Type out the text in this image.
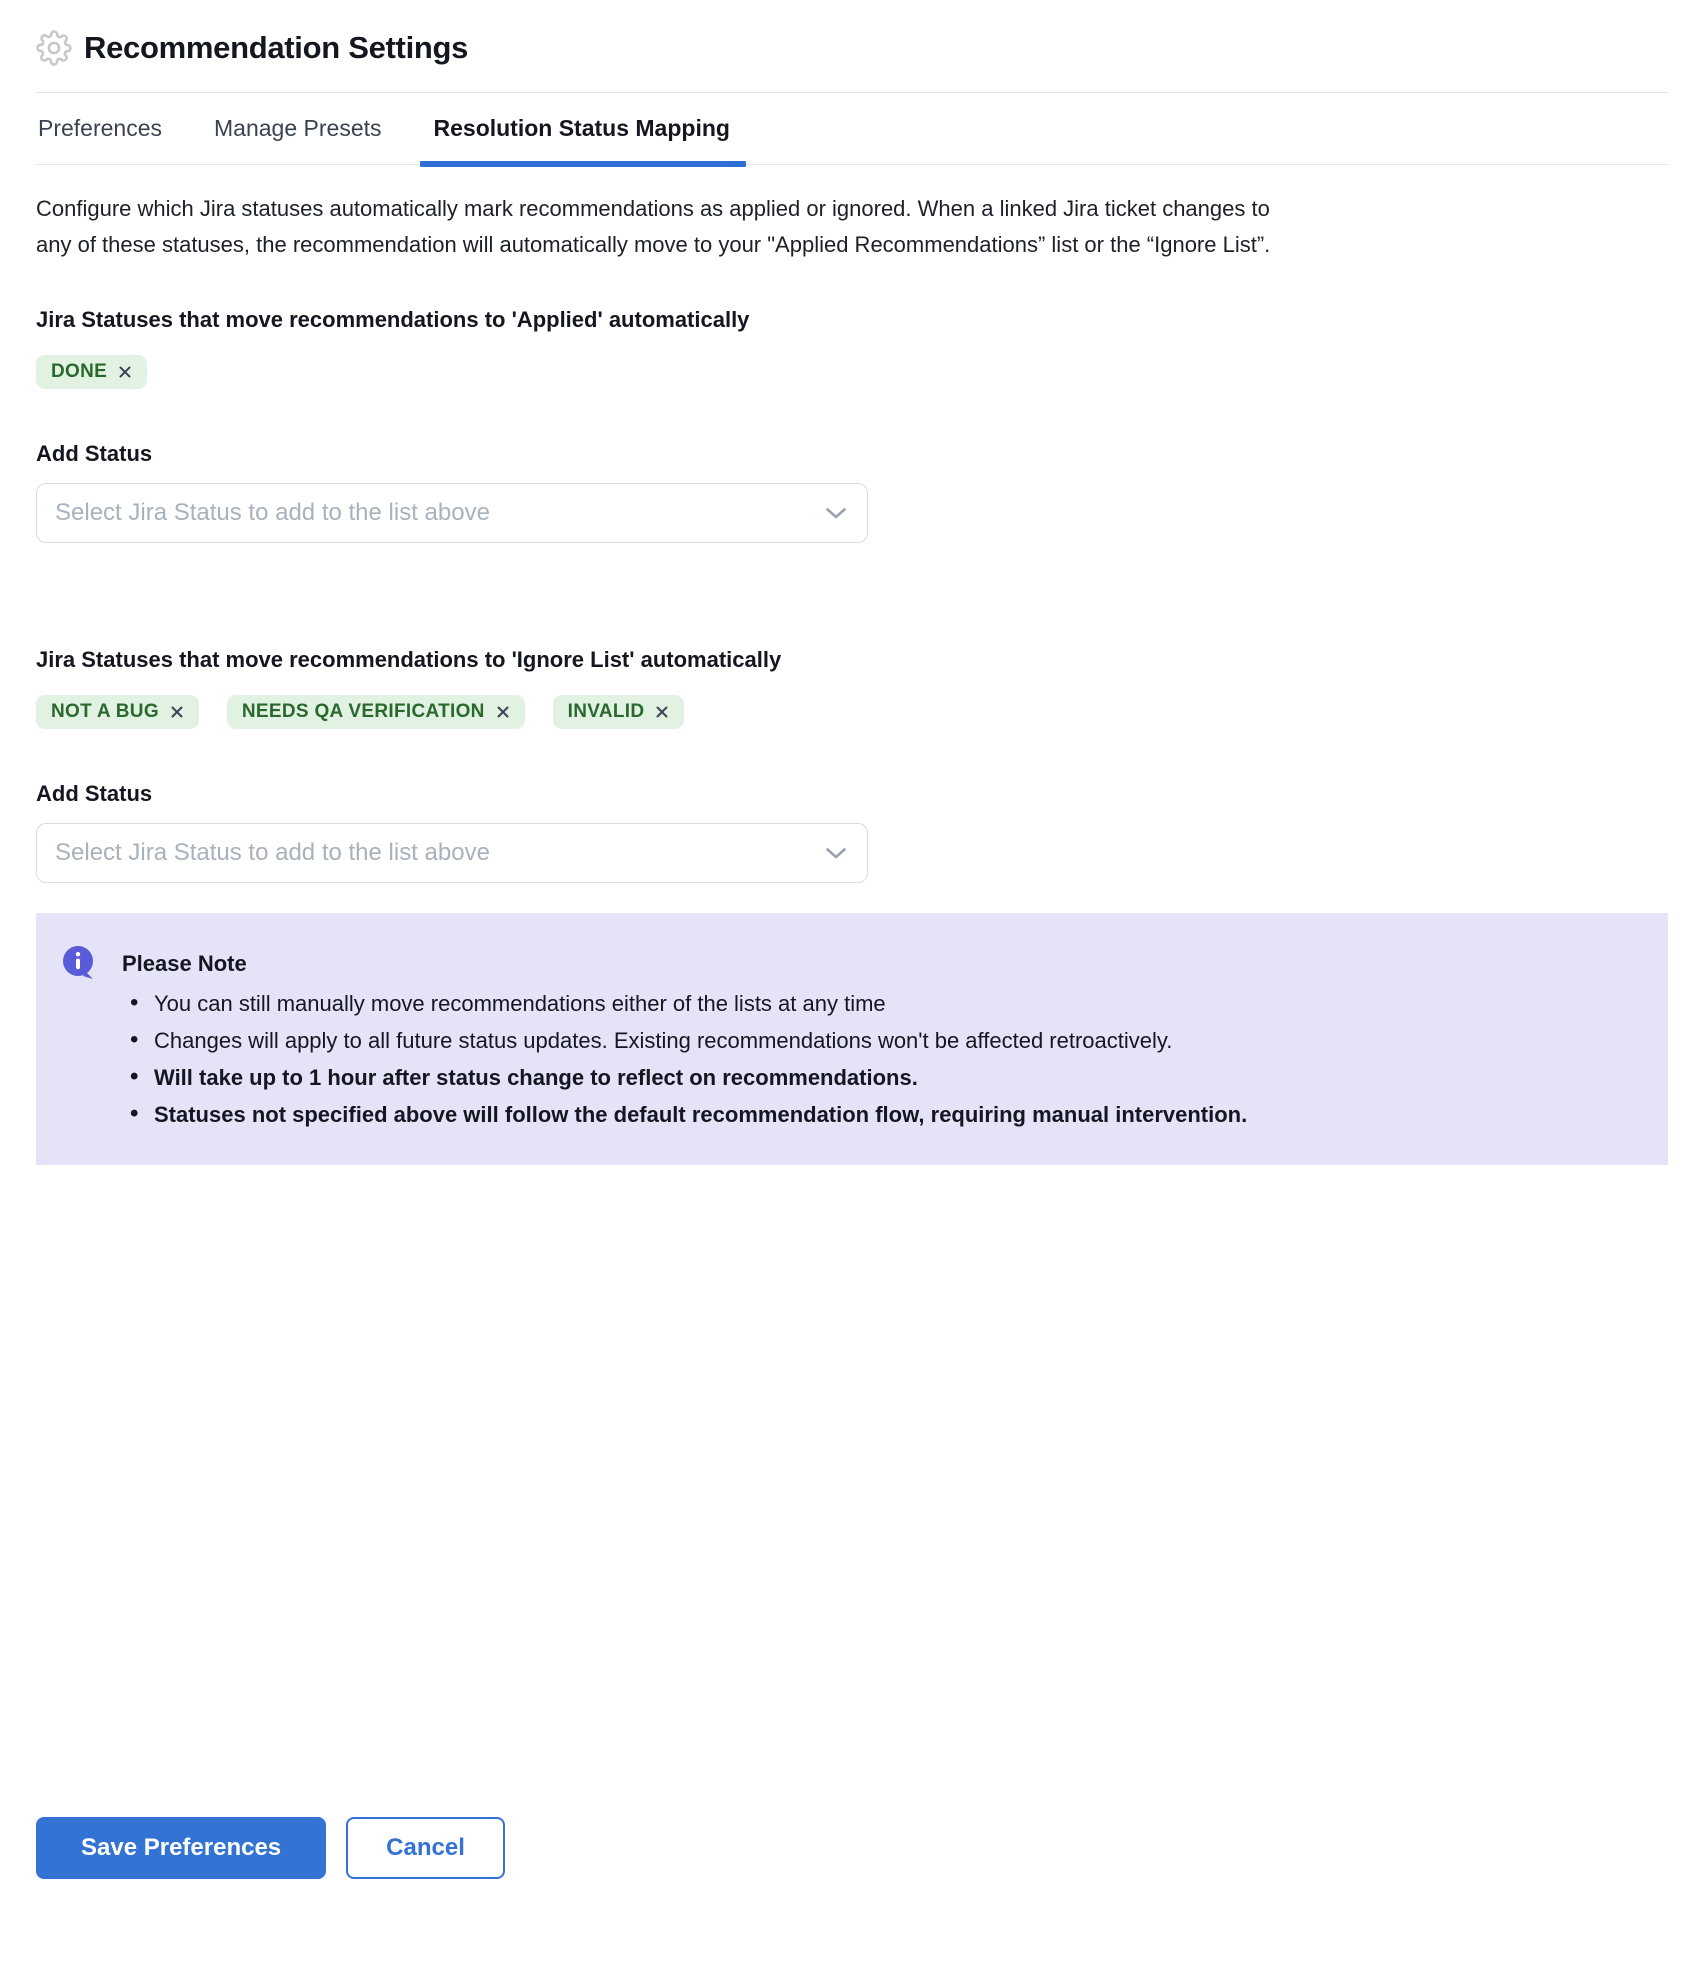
Recommendation Settings
Preferences Manage Presets Resolution Status Mapping

Configure which Jira statuses automatically mark recommendations as applied or ignored. When a linked Jira ticket changes to any of these statuses, the recommendation will automatically move to your "Applied Recommendations” list or the “Ignore List”.

Jira Statuses that move recommendations to 'Applied' automatically
DONE
Add Status
Select Jira Status to add to the list above
Jira Statuses that move recommendations to 'Ignore List' automatically
NOT A BUG	NEEDS QA VERIFICATION	INVALID
Add Status
Select Jira Status to add to the list above
Please Note
• You can still manually move recommendations either of the lists at any time
• Changes will apply to all future status updates. Existing recommendations won't be affected retroactively.
• Will take up to 1 hour after status change to reflect on recommendations.
• Statuses not specified above will follow the default recommendation flow, requiring manual intervention.
Save Preferences	Cancel
